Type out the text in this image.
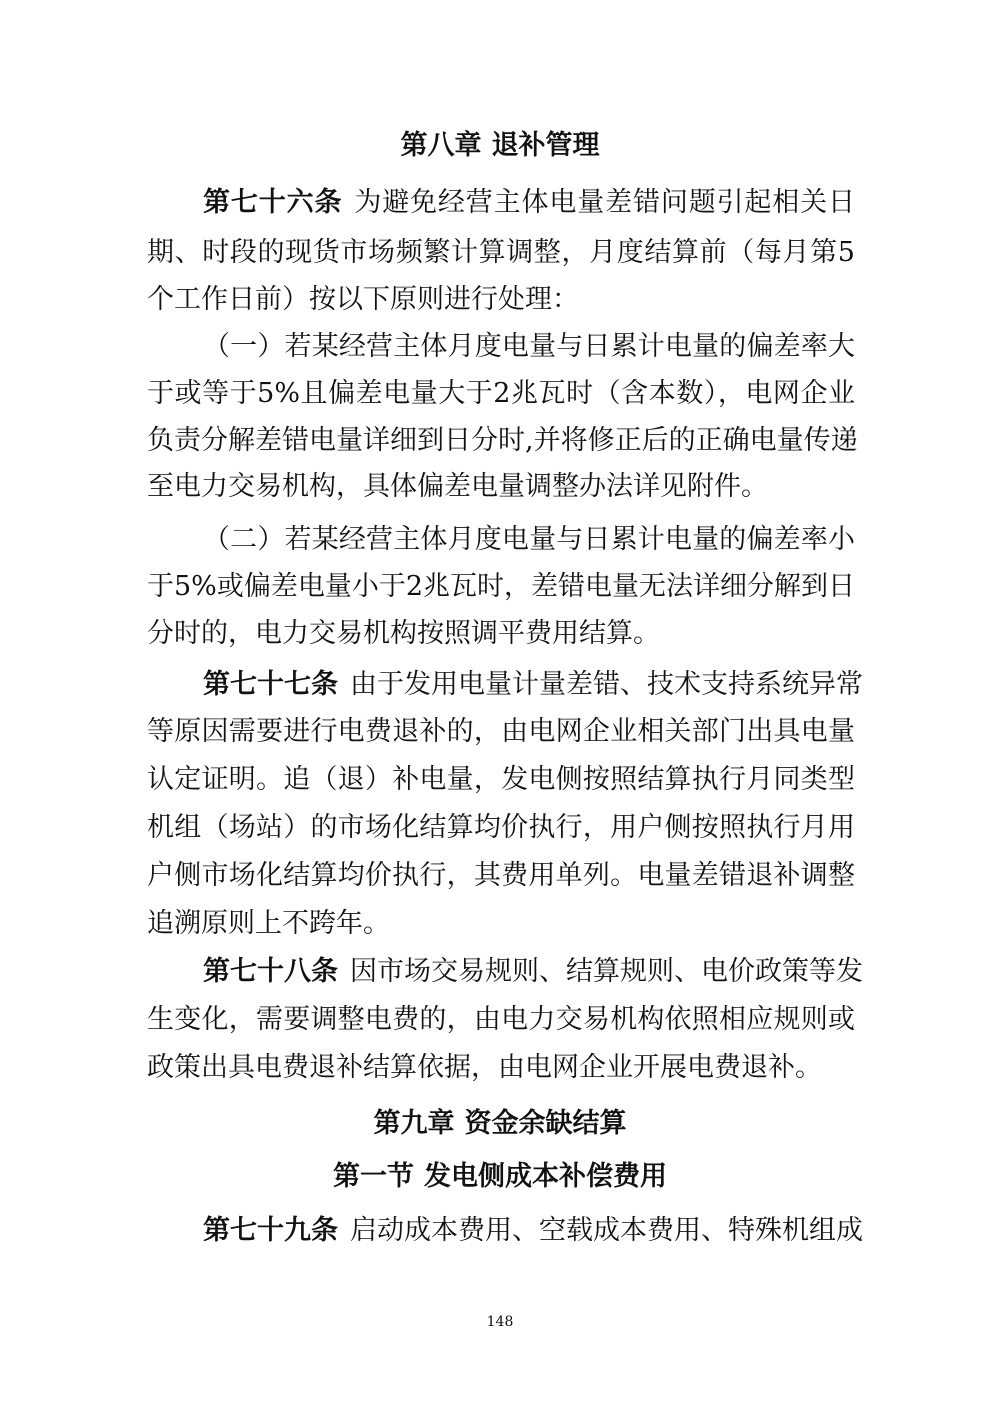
第八章 退补管理
第七十六条 为避免经营主体电量差错问题引起相关日
期、时段的现货市场频繁计算调整，月度结算前（每月第5
个工作日前）按以下原则进行处理：
（一）若某经营主体月度电量与日累计电量的偏差率大
于或等于5%且偏差电量大于2兆瓦时（含本数），电网企业
负责分解差错电量详细到日分时,并将修正后的正确电量传递
至电力交易机构，具体偏差电量调整办法详见附件。
（二）若某经营主体月度电量与日累计电量的偏差率小
于5%或偏差电量小于2兆瓦时，差错电量无法详细分解到日
分时的，电力交易机构按照调平费用结算。
第七十七条 由于发用电量计量差错、技术支持系统异常
等原因需要进行电费退补的，由电网企业相关部门出具电量
认定证明。追（退）补电量，发电侧按照结算执行月同类型
机组（场站）的市场化结算均价执行，用户侧按照执行月用
户侧市场化结算均价执行，其费用单列。电量差错退补调整
追溯原则上不跨年。
第七十八条 因市场交易规则、结算规则、电价政策等发
生变化，需要调整电费的，由电力交易机构依照相应规则或
政策出具电费退补结算依据，由电网企业开展电费退补。
第九章 资金余缺结算
第一节 发电侧成本补偿费用
第七十九条 启动成本费用、空载成本费用、特殊机组成
148
